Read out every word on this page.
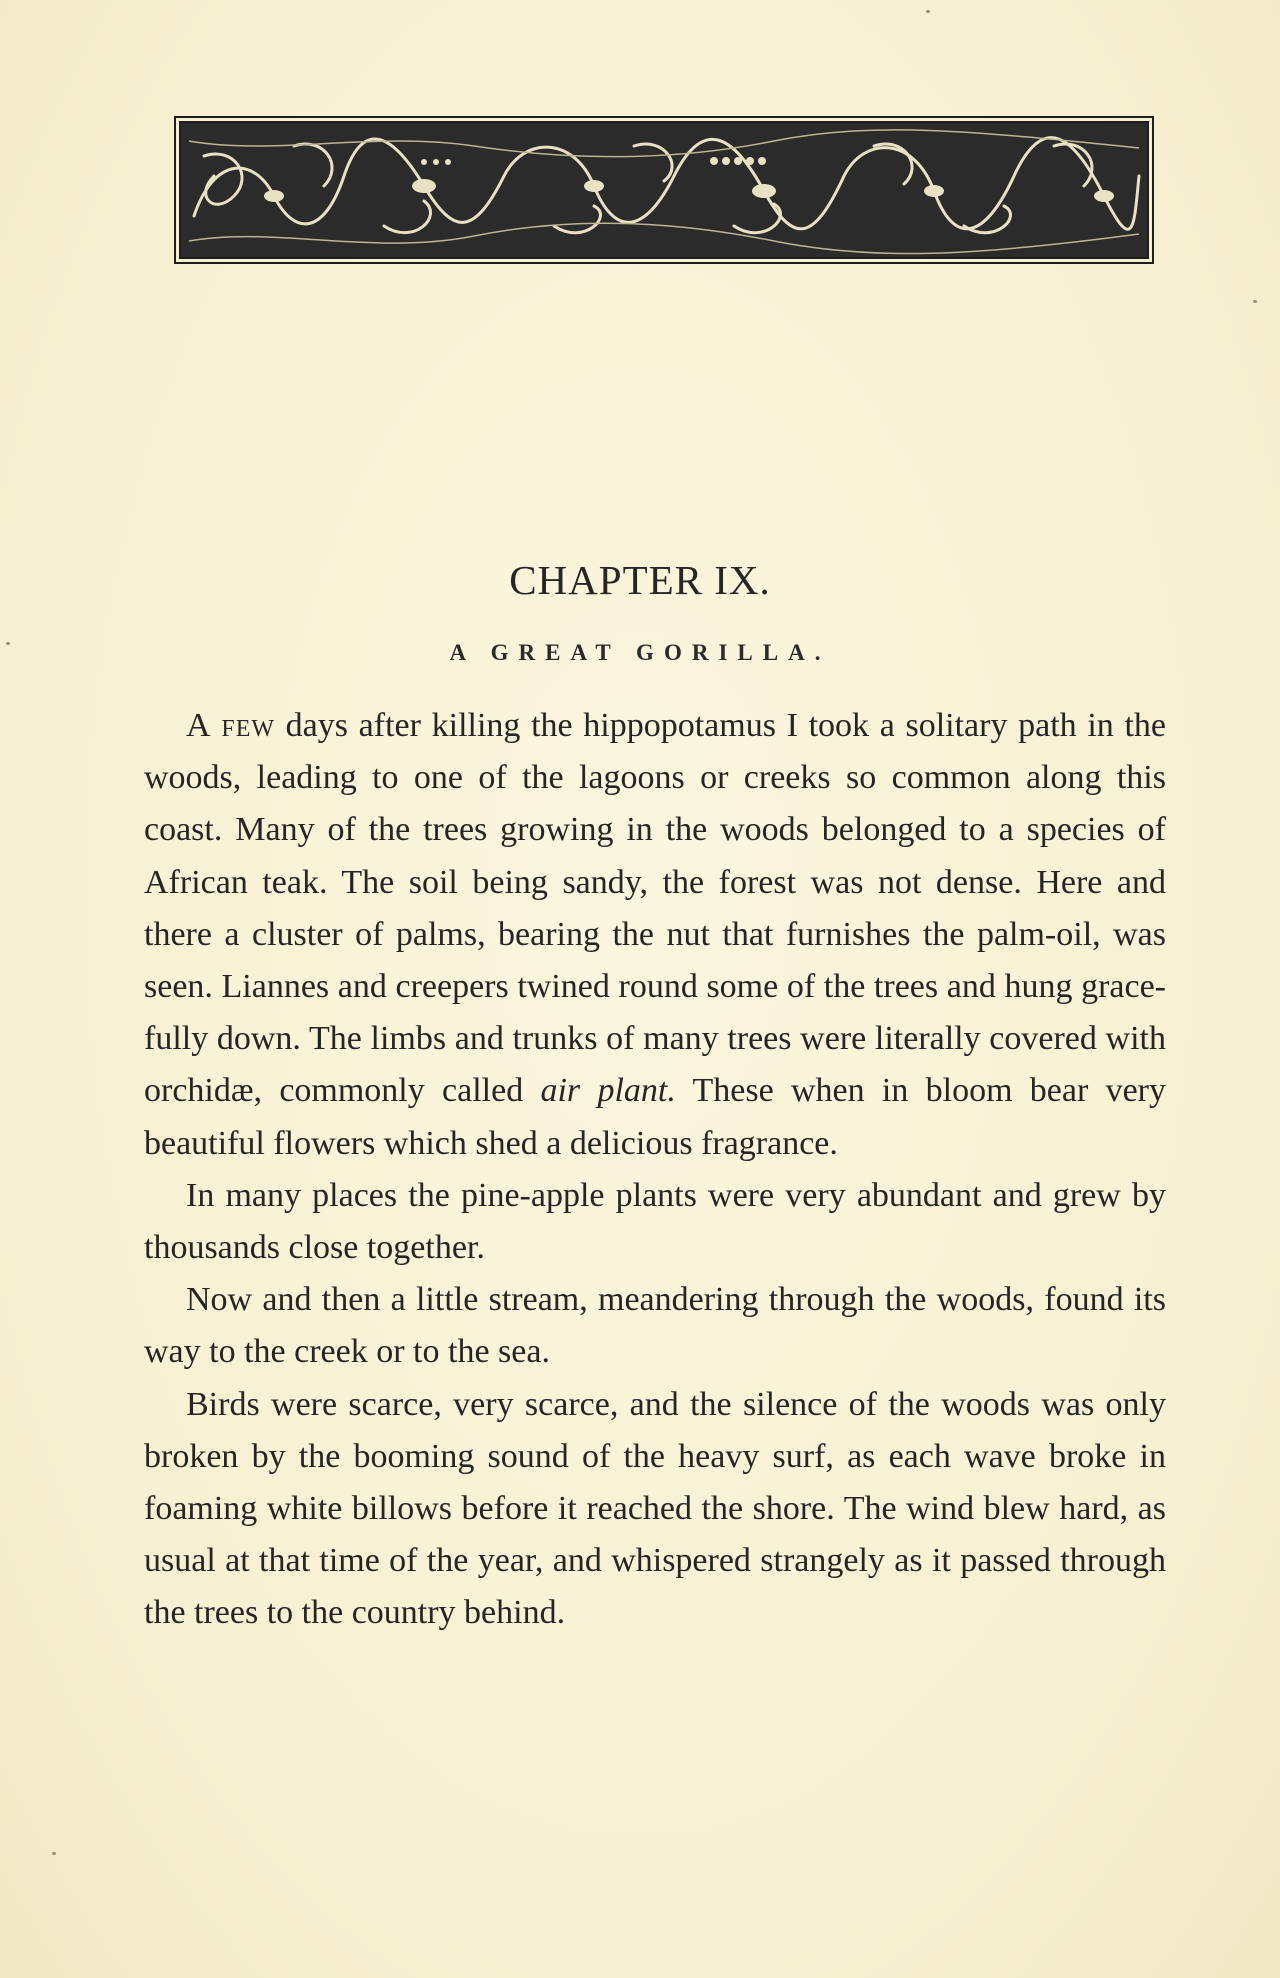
CHAPTER IX.
A GREAT GORILLA.

A few days after killing the hippopotamus I took a solitary path in the woods, leading to one of the lagoons or creeks so common along this coast. Many of the trees growing in the woods belonged to a species of African teak. The soil being sandy, the forest was not dense. Here and there a cluster of palms, bearing the nut that furnishes the palm-oil, was seen. Liannes and creepers twined round some of the trees and hung gracefully down. The limbs and trunks of many trees were literally covered with orchidæ, commonly called air plant. These when in bloom bear very beautiful flowers which shed a delicious fragrance.

In many places the pine-apple plants were very abundant and grew by thousands close together.

Now and then a little stream, meandering through the woods, found its way to the creek or to the sea.

Birds were scarce, very scarce, and the silence of the woods was only broken by the booming sound of the heavy surf, as each wave broke in foaming white billows before it reached the shore. The wind blew hard, as usual at that time of the year, and whispered strangely as it passed through the trees to the country behind.
